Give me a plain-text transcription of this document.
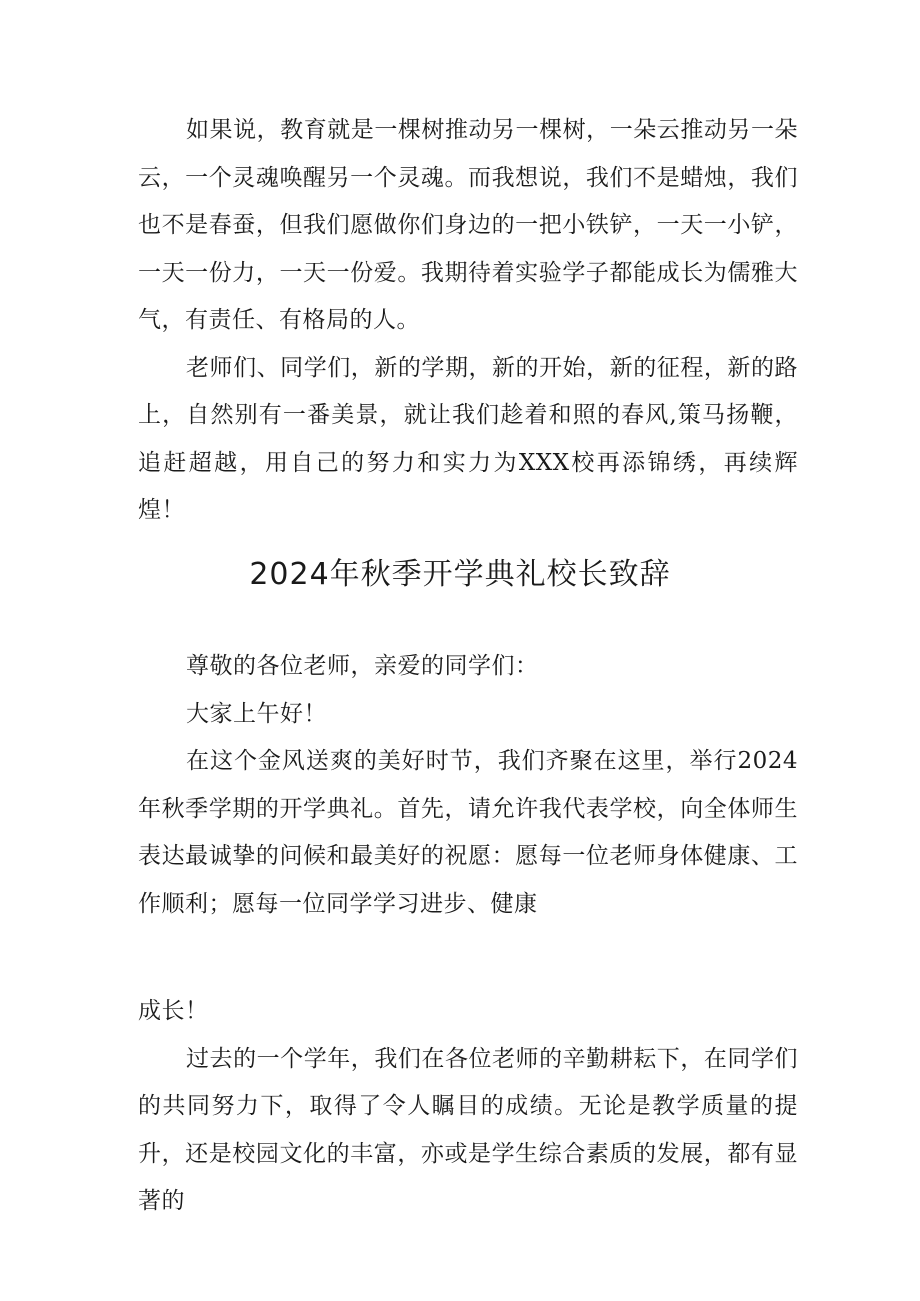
如果说，教育就是一棵树推动另一棵树，一朵云推动另一朵云，一个灵魂唤醒另一个灵魂。而我想说，我们不是蜡烛，我们也不是春蚕，但我们愿做你们身边的一把小铁铲，一天一小铲，一天一份力，一天一份爱。我期待着实验学子都能成长为儒雅大气，有责任、有格局的人。

老师们、同学们，新的学期，新的开始，新的征程，新的路上，自然别有一番美景，就让我们趁着和照的春风,策马扬鞭，追赶超越，用自己的努力和实力为XXX校再添锦绣，再续辉煌！

2024年秋季开学典礼校长致辞

尊敬的各位老师，亲爱的同学们：

大家上午好！

在这个金风送爽的美好时节，我们齐聚在这里，举行2024年秋季学期的开学典礼。首先，请允许我代表学校，向全体师生表达最诚挚的问候和最美好的祝愿：愿每一位老师身体健康、工作顺利；愿每一位同学学习进步、健康

成长！

过去的一个学年，我们在各位老师的辛勤耕耘下，在同学们的共同努力下，取得了令人瞩目的成绩。无论是教学质量的提升，还是校园文化的丰富，亦或是学生综合素质的发展，都有显著的
